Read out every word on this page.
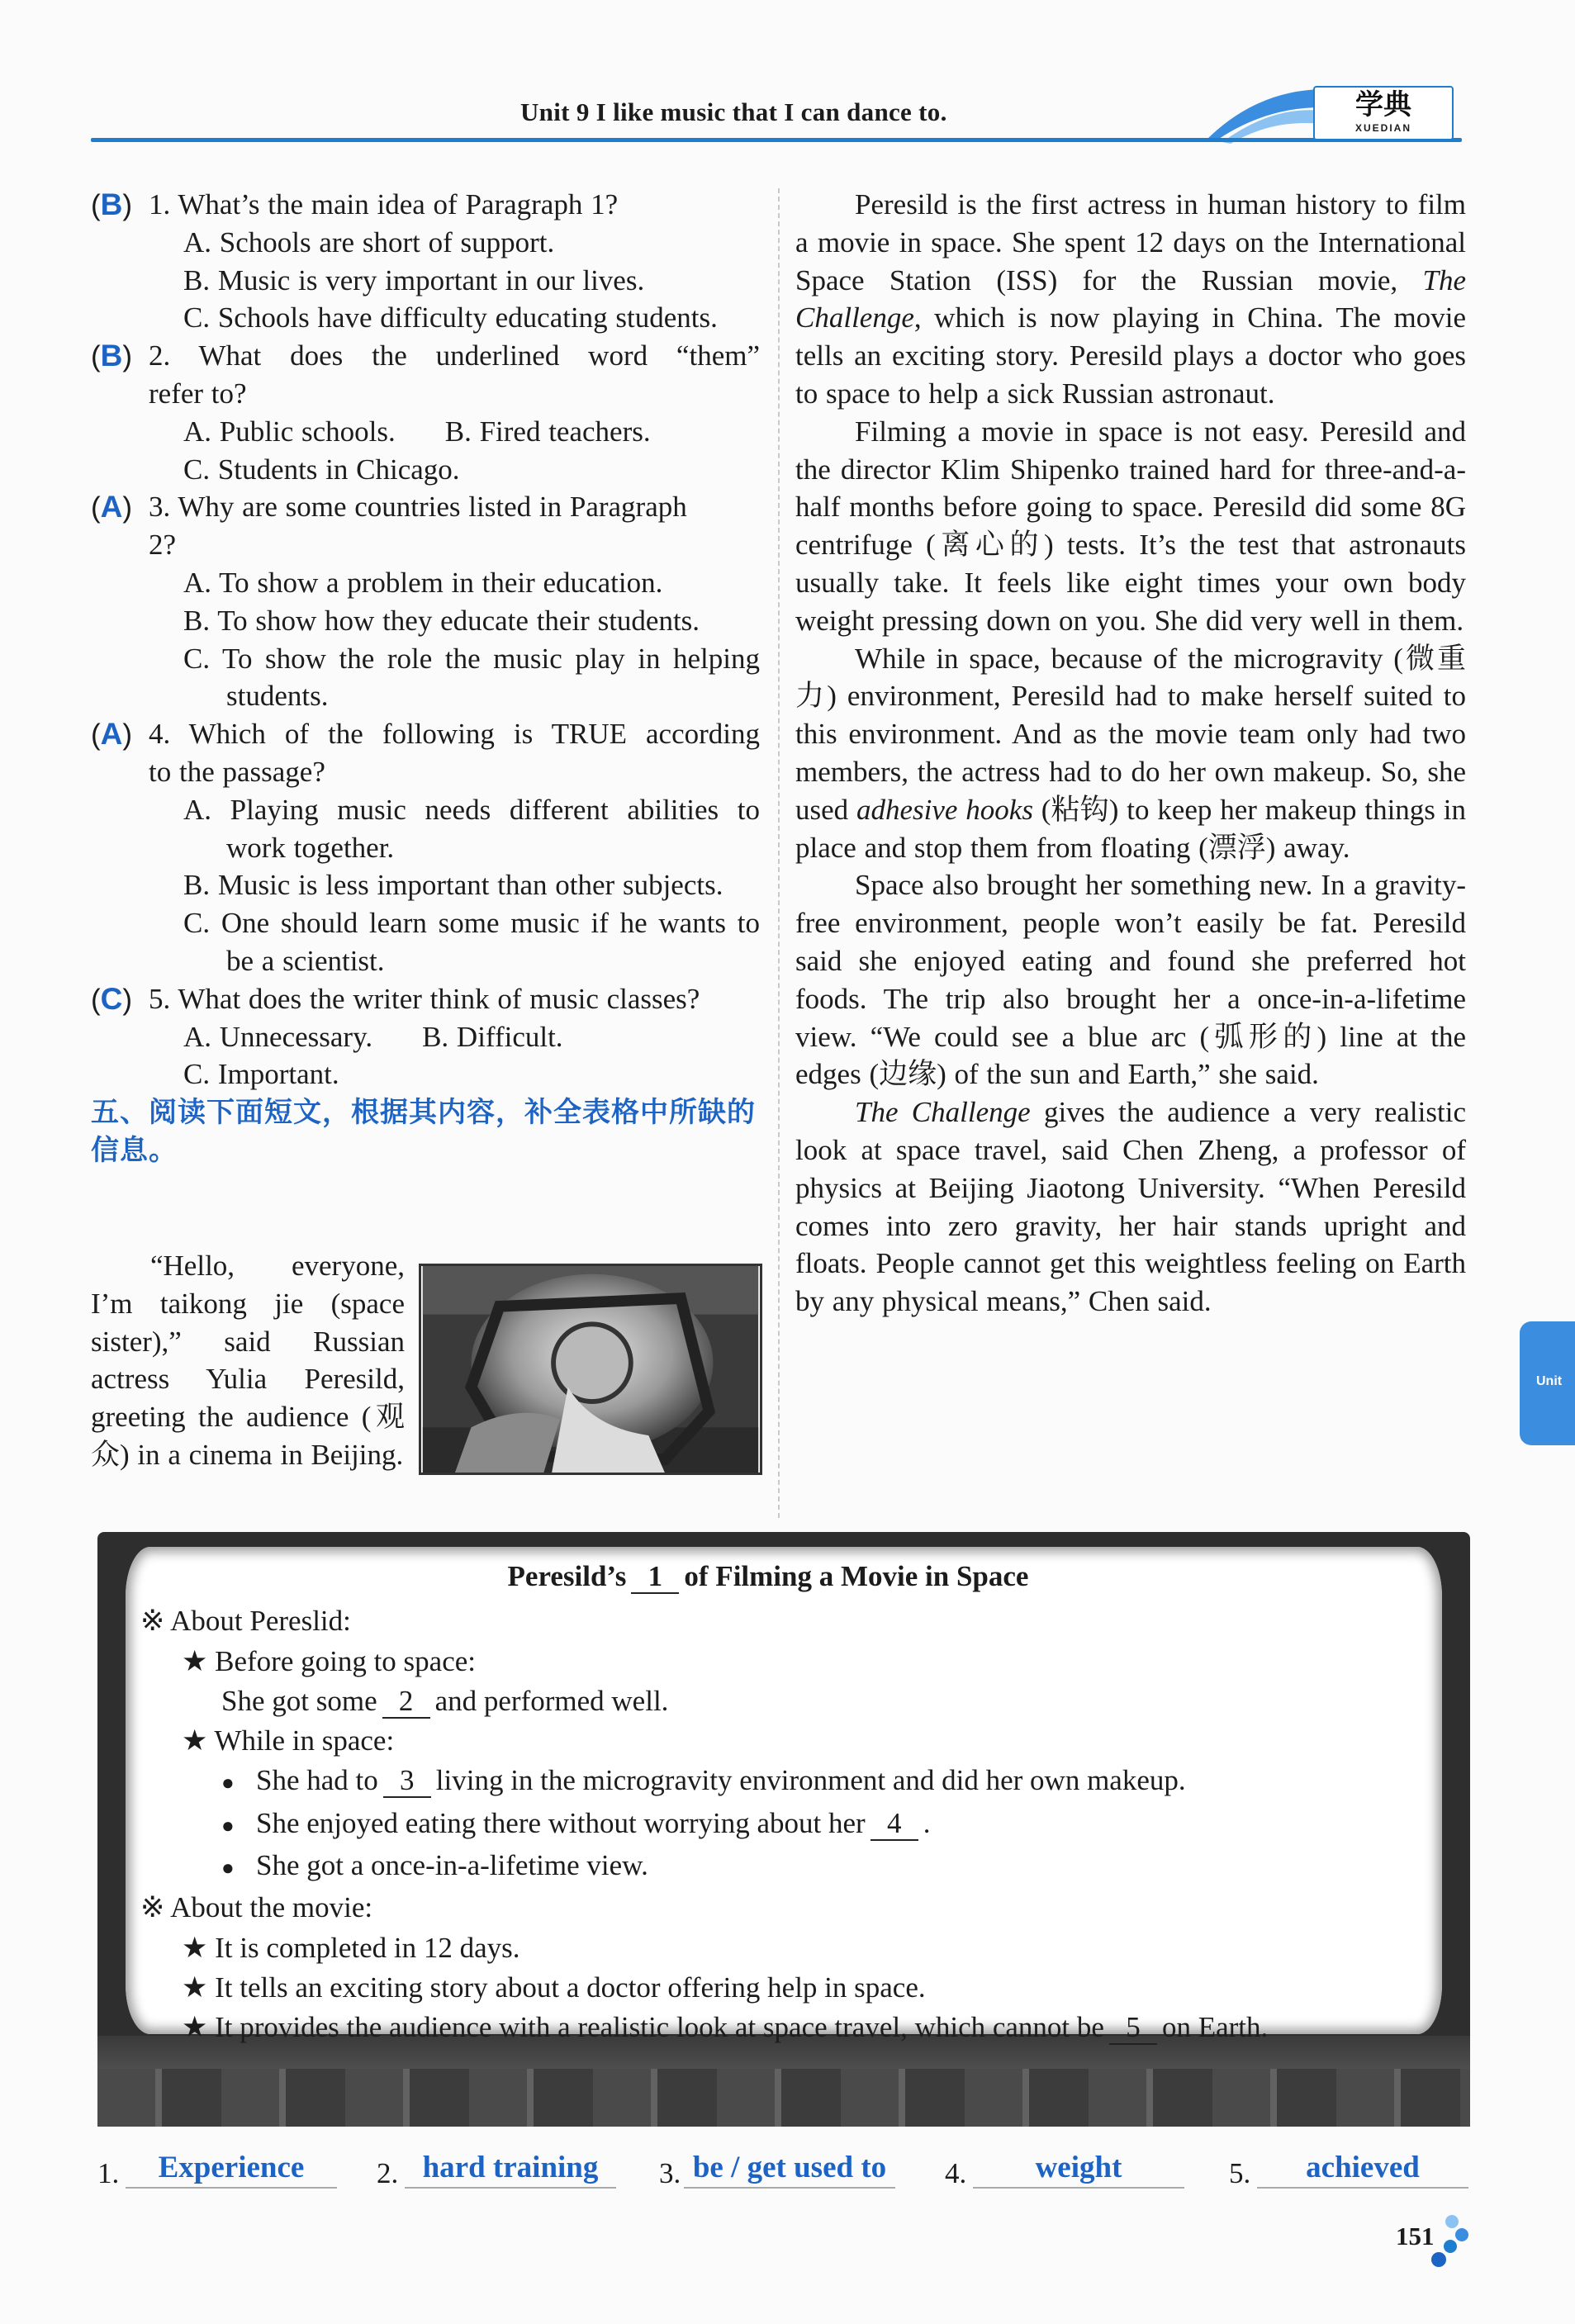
Unit 9 I like music that I can dance to.	学典
XUEDIAN
(B) 1. What’s the main idea of Paragraph 1?
A. Schools are short of support.
B. Music is very important in our lives.
C. Schools have difficulty educating students.
(B) 2. What does the underlined word “them”
refer to?
A. Public schools. B. Fired teachers.
C. Students in Chicago.
(A) 3. Why are some countries listed in Paragraph
2?
A. To show a problem in their education.
B. To show how they educate their students.
C. To show the role the music play in helping students.
(A) 4. Which of the following is TRUE according
to the passage?
A. Playing music needs different abilities to work together.
B. Music is less important than other subjects.
C. One should learn some music if he wants to be a scientist.
(C) 5. What does the writer think of music classes?
A. Unnecessary. B. Difficult.
C. Important.
五、阅读下面短文，根据其内容，补全表格中所缺的信息。
“Hello, everyone, I’m taikong jie (space sister),” said Russian actress Yulia Peresild, greeting the audience (观众) in a cinema in Beijing.

Peresild is the first actress in human history to film a movie in space. She spent 12 days on the International Space Station (ISS) for the Russian movie, The Challenge, which is now playing in China. The movie tells an exciting story. Peresild plays a doctor who goes to space to help a sick Russian astronaut.

Filming a movie in space is not easy. Peresild and the director Klim Shipenko trained hard for three-and-a-half months before going to space. Peresild did some 8G centrifuge (离心的) tests. It’s the test that astronauts usually take. It feels like eight times your own body weight pressing down on you. She did very well in them.

While in space, because of the microgravity (微重力) environment, Peresild had to make herself suited to this environment. And as the movie team only had two members, the actress had to do her own makeup. So, she used adhesive hooks (粘钩) to keep her makeup things in place and stop them from floating (漂浮) away.

Space also brought her something new. In a gravity-free environment, people won’t easily be fat. Peresild said she enjoyed eating and found she preferred hot foods. The trip also brought her a once-in-a-lifetime view. “We could see a blue arc (弧形的) line at the edges (边缘) of the sun and Earth,” she said.

The Challenge gives the audience a very realistic look at space travel, said Chen Zheng, a professor of physics at Beijing Jiaotong University. “When Peresild comes into zero gravity, her hair stands upright and floats. People cannot get this weightless feeling on Earth by any physical means,” Chen said.

Peresild’s 1 of Filming a Movie in Space
※ About Pereslid:
★ Before going to space:
She got some 2 and performed well.
★ While in space:
● She had to 3 living in the microgravity environment and did her own makeup.
● She enjoyed eating there without worrying about her 4 .
● She got a once-in-a-lifetime view.
※ About the movie:
★ It is completed in 12 days.
★ It tells an exciting story about a doctor offering help in space.
★ It provides the audience with a realistic look at space travel, which cannot be 5 on Earth.
1.	Experience	2. hard training	3. be / get used to	4.	weight	5.	achieved
Unit
151
